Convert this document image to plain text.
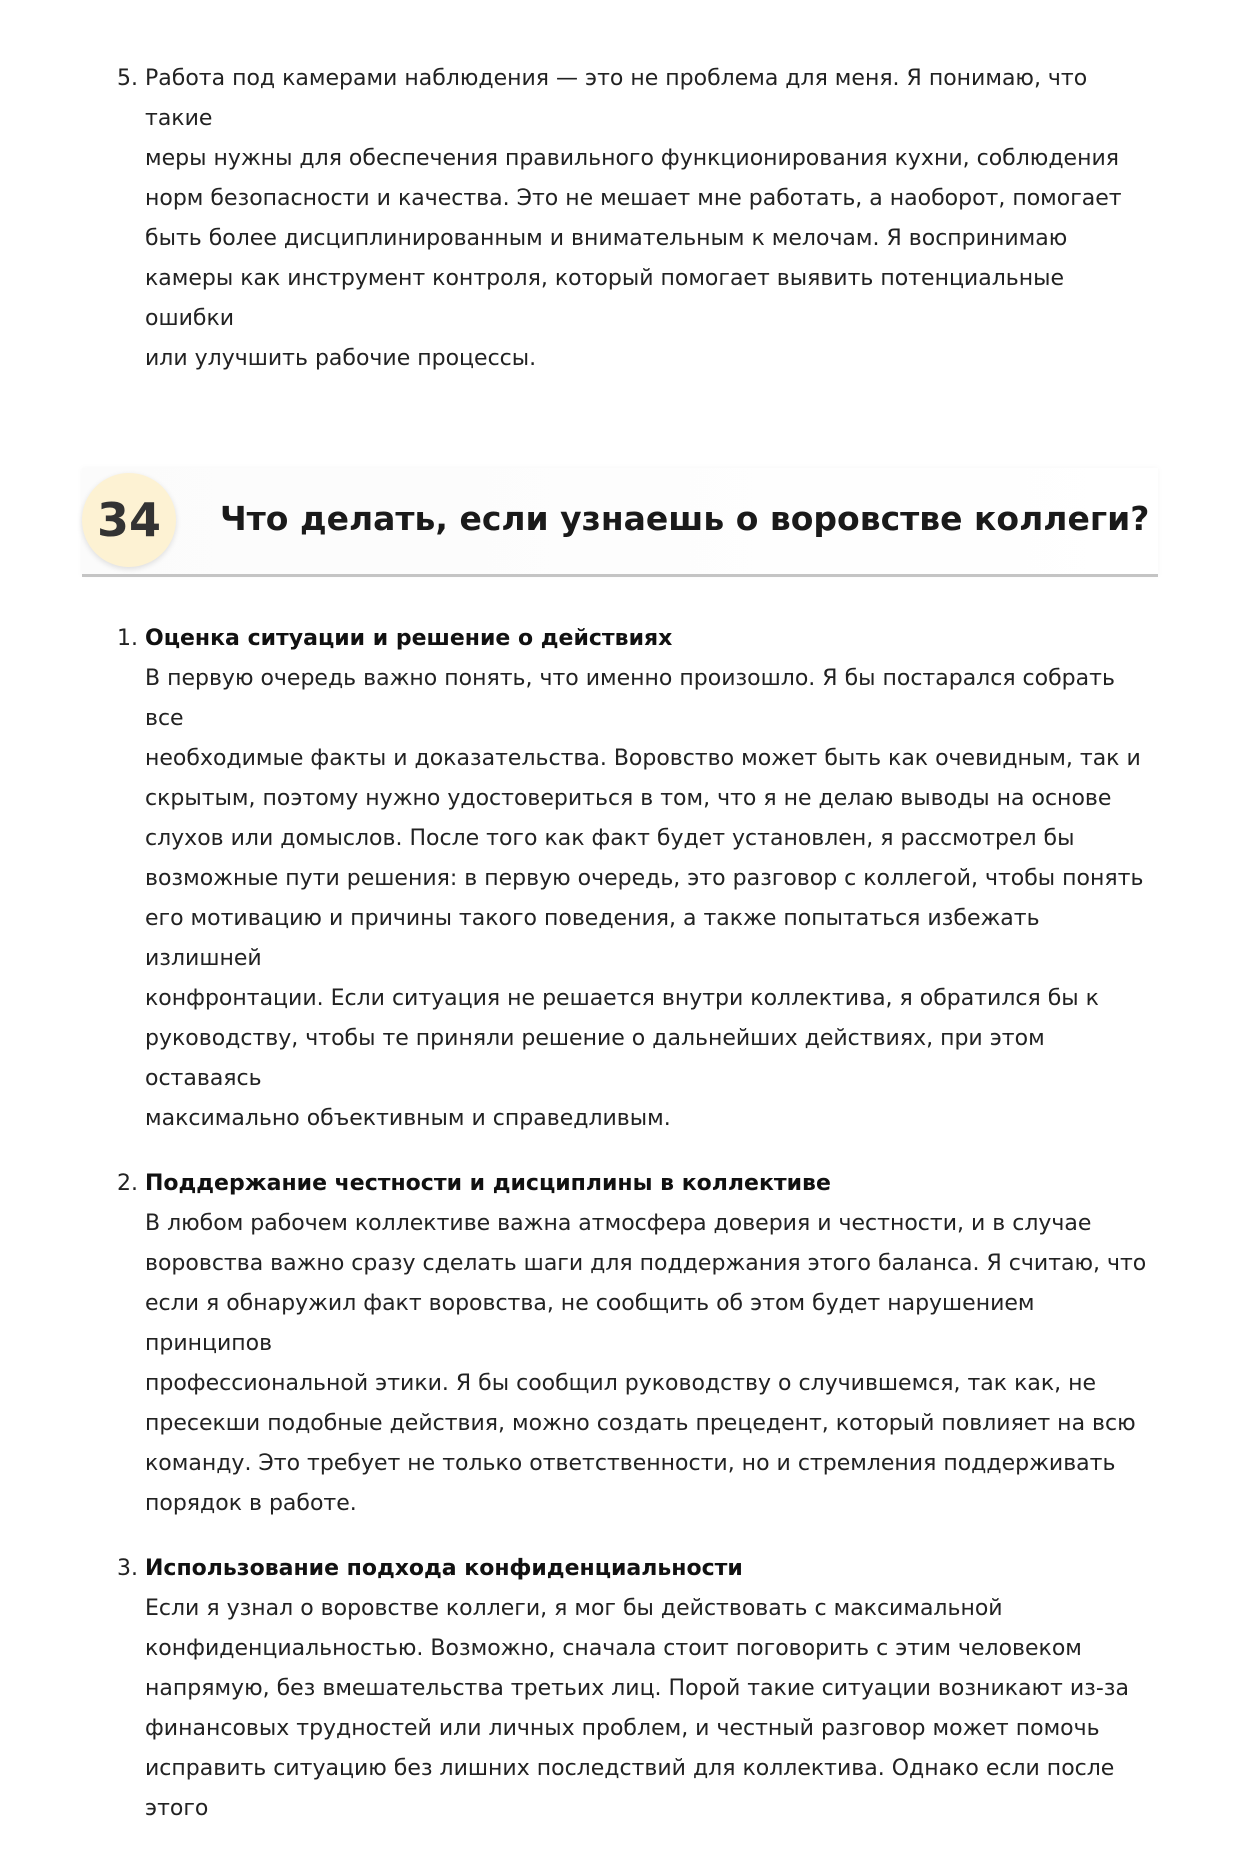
5. Работа под камерами наблюдения — это не проблема для меня. Я понимаю, что такие
меры нужны для обеспечения правильного функционирования кухни, соблюдения
норм безопасности и качества. Это не мешает мне работать, а наоборот, помогает
быть более дисциплинированным и внимательным к мелочам. Я воспринимаю
камеры как инструмент контроля, который помогает выявить потенциальные ошибки
или улучшить рабочие процессы.
34	Что делать, если узнаешь о воровстве коллеги?
1. Оценка ситуации и решение о действиях
В первую очередь важно понять, что именно произошло. Я бы постарался собрать все
необходимые факты и доказательства. Воровство может быть как очевидным, так и
скрытым, поэтому нужно удостовериться в том, что я не делаю выводы на основе
слухов или домыслов. После того как факт будет установлен, я рассмотрел бы
возможные пути решения: в первую очередь, это разговор с коллегой, чтобы понять
его мотивацию и причины такого поведения, а также попытаться избежать излишней
конфронтации. Если ситуация не решается внутри коллектива, я обратился бы к
руководству, чтобы те приняли решение о дальнейших действиях, при этом оставаясь
максимально объективным и справедливым.
2. Поддержание честности и дисциплины в коллективе
В любом рабочем коллективе важна атмосфера доверия и честности, и в случае
воровства важно сразу сделать шаги для поддержания этого баланса. Я считаю, что
если я обнаружил факт воровства, не сообщить об этом будет нарушением принципов
профессиональной этики. Я бы сообщил руководству о случившемся, так как, не
пресекши подобные действия, можно создать прецедент, который повлияет на всю
команду. Это требует не только ответственности, но и стремления поддерживать
порядок в работе.
3. Использование подхода конфиденциальности
Если я узнал о воровстве коллеги, я мог бы действовать с максимальной
конфиденциальностью. Возможно, сначала стоит поговорить с этим человеком
напрямую, без вмешательства третьих лиц. Порой такие ситуации возникают из-за
финансовых трудностей или личных проблем, и честный разговор может помочь
исправить ситуацию без лишних последствий для коллектива. Однако если после этого
